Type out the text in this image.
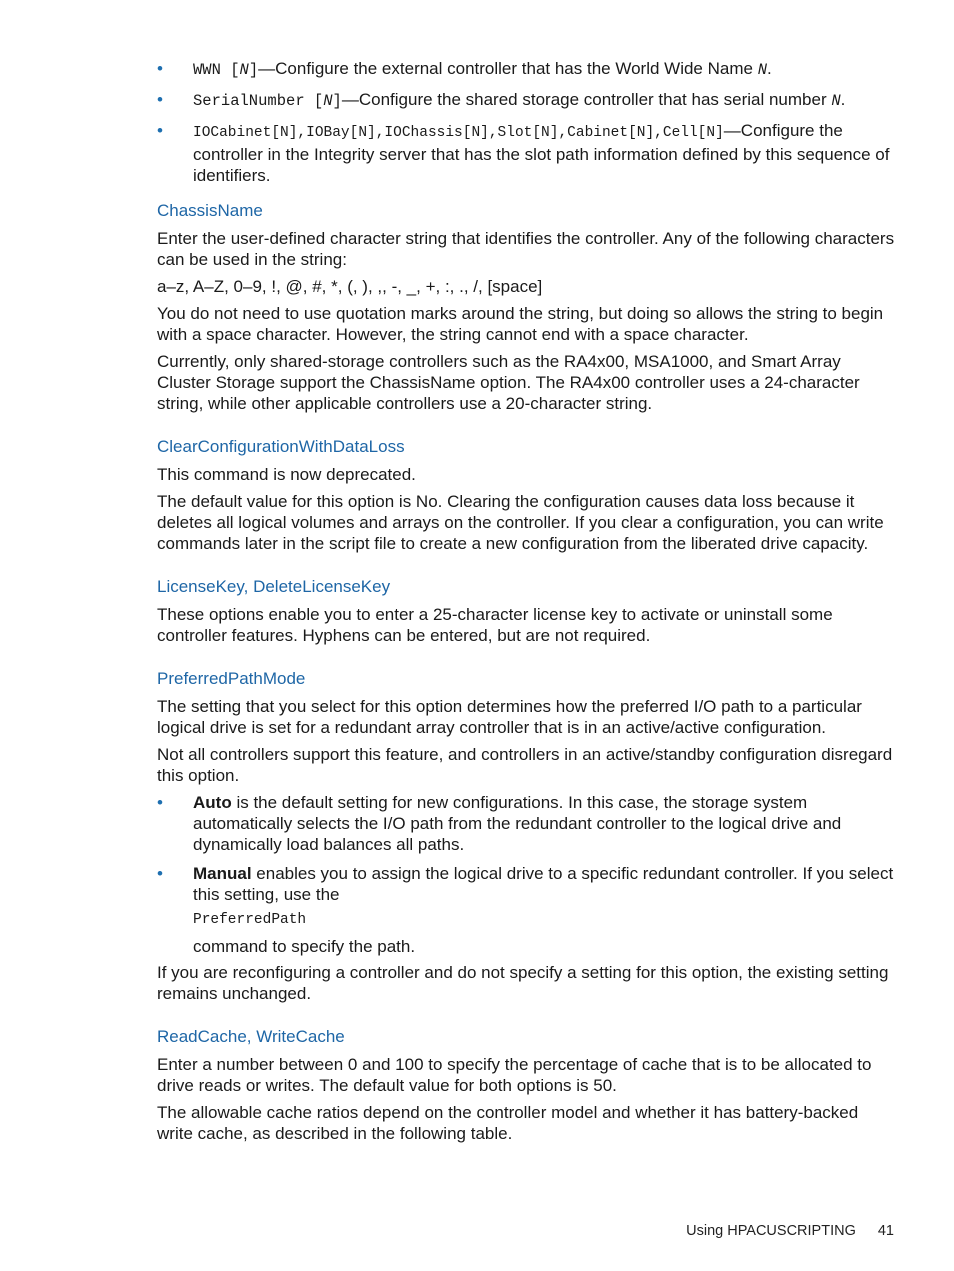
• WWN [N]—Configure the external controller that has the World Wide Name N.
• SerialNumber [N]—Configure the shared storage controller that has serial number N.
• IOCabinet[N],IOBay[N],IOChassis[N],Slot[N],Cabinet[N],Cell[N]—Configure the controller in the Integrity server that has the slot path information defined by this sequence of identifiers.
ChassisName

Enter the user-defined character string that identifies the controller. Any of the following characters can be used in the string:

a–z, A–Z, 0–9, !, @, #, *, (, ), ,, -, _, +, :, ., /, [space]

You do not need to use quotation marks around the string, but doing so allows the string to begin with a space character. However, the string cannot end with a space character.

Currently, only shared-storage controllers such as the RA4x00, MSA1000, and Smart Array Cluster Storage support the ChassisName option. The RA4x00 controller uses a 24-character string, while other applicable controllers use a 20-character string.

ClearConfigurationWithDataLoss

This command is now deprecated.

The default value for this option is No. Clearing the configuration causes data loss because it deletes all logical volumes and arrays on the controller. If you clear a configuration, you can write commands later in the script file to create a new configuration from the liberated drive capacity.

LicenseKey, DeleteLicenseKey

These options enable you to enter a 25-character license key to activate or uninstall some controller features. Hyphens can be entered, but are not required.

PreferredPathMode

The setting that you select for this option determines how the preferred I/O path to a particular logical drive is set for a redundant array controller that is in an active/active configuration.

Not all controllers support this feature, and controllers in an active/standby configuration disregard this option.

• Auto is the default setting for new configurations. In this case, the storage system automatically selects the I/O path from the redundant controller to the logical drive and dynamically load balances all paths.
• Manual enables you to assign the logical drive to a specific redundant controller. If you select this setting, use the
PreferredPath
command to specify the path.

If you are reconfiguring a controller and do not specify a setting for this option, the existing setting remains unchanged.

ReadCache, WriteCache

Enter a number between 0 and 100 to specify the percentage of cache that is to be allocated to drive reads or writes. The default value for both options is 50.

The allowable cache ratios depend on the controller model and whether it has battery-backed write cache, as described in the following table.

Using HPACUSCRIPTING 41
